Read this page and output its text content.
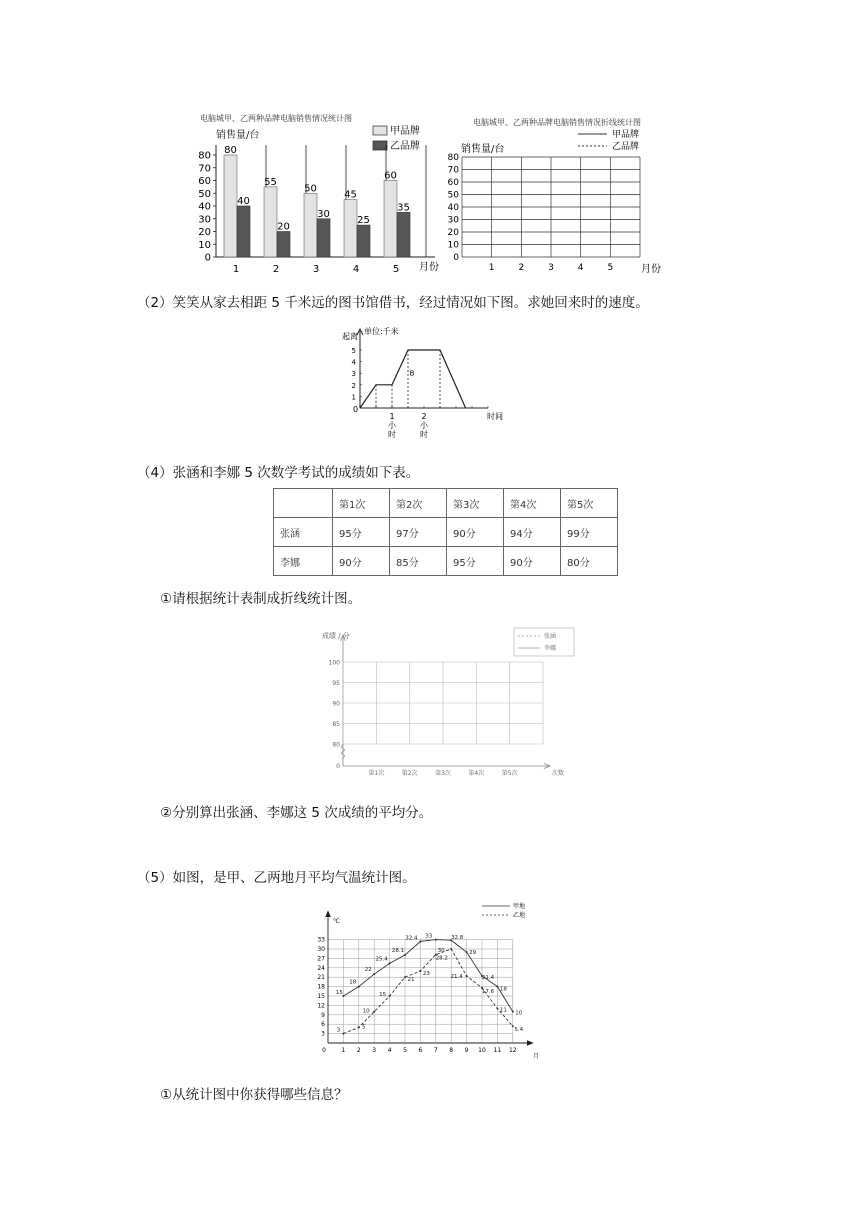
电脑城甲、乙两种品牌电脑销售情况统计图
销售量/台	甲品牌
乙品牌
0
10
20
30
40
50
60
70
80 80
40
1
55
20
2
50
30
3
45
25
4
60
35
5 月份
电脑城甲、乙两种品牌电脑销售情况折线统计图
甲品牌
乙品牌
销售量/台
0
10
20
30
40
50
60
70
80
1	2	3	4	5	月份
（2）笑笑从家去相距 5 千米远的图书馆借书，经过情况如下图。求她回来时的速度。
单位:千米
起离
0
1
2
3
4
5
B
1
小
时
2
小
时
时间
（4）张涵和李娜 5 次数学考试的成绩如下表。
	第1次	第2次	第3次	第4次	第5次
张涵	95分	97分	90分	94分	99分
李娜	90分	85分	95分	90分	80分
①请根据统计表制成折线统计图。
成绩 / 分	张涵
李娜
100
95
90
85
80
0
第1次	第2次	第3次	第4次	第5次	次数
②分别算出张涵、李娜这 5 次成绩的平均分。
（5）如图，是甲、乙两地月平均气温统计图。
甲地
乙地
℃
3
6
9
12
15
18
21
24
27
30
33
0	1 2 3 4 5 6 7 8 9 10 11 12
15
18
22
25.4
28.1
32.4 33	32.8
29
21.4
18
10
3
5
10
15
21
23
28.2
30
21.4
17.6
11
5.4
月
①从统计图中你获得哪些信息？
